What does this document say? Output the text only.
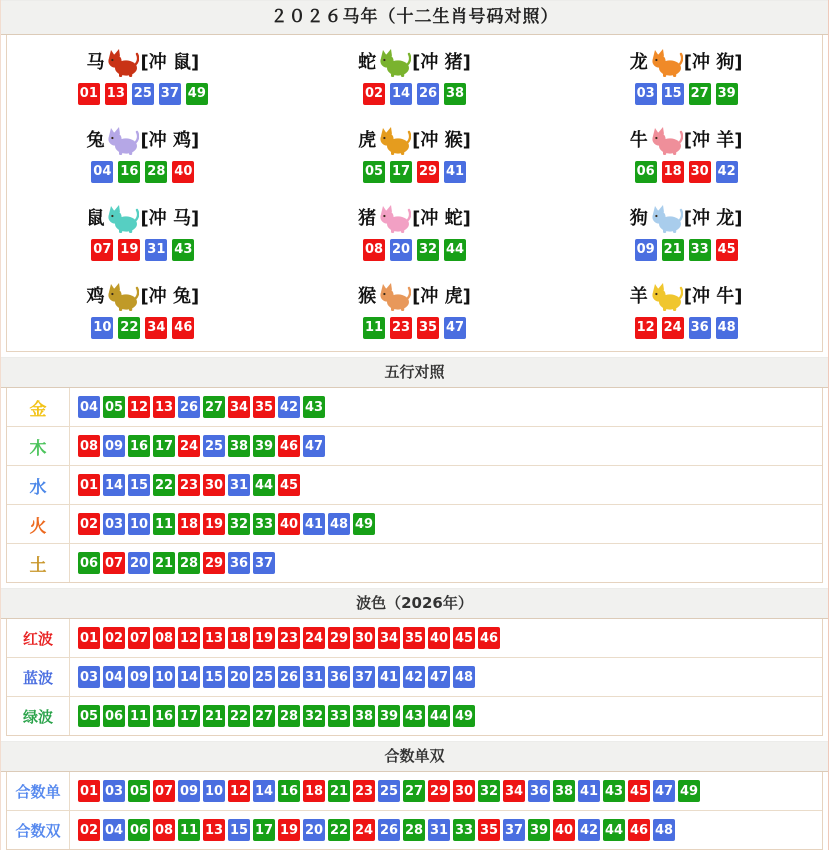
２０２６马年（十二生肖号码对照）
马 [冲 鼠]
01 13 25 37 49
蛇 [冲 猪]
02 14 26 38
龙 [冲 狗]
03 15 27 39
兔 [冲 鸡]
04 16 28 40
虎 [冲 猴]
05 17 29 41
牛 [冲 羊]
06 18 30 42
鼠 [冲 马]
07 19 31 43
猪 [冲 蛇]
08 20 32 44
狗 [冲 龙]
09 21 33 45
鸡 [冲 兔]
10 22 34 46
猴 [冲 虎]
11 23 35 47
羊 [冲 牛]
12 24 36 48
五行对照
金	04 05 12 13 26 27 34 35 42 43
木	08 09 16 17 24 25 38 39 46 47
水	01 14 15 22 23 30 31 44 45
火	02 03 10 11 18 19 32 33 40 41 48 49
土	06 07 20 21 28 29 36 37
波色（2026年）
红波	01 02 07 08 12 13 18 19 23 24 29 30 34 35 40 45 46
蓝波	03 04 09 10 14 15 20 25 26 31 36 37 41 42 47 48
绿波	05 06 11 16 17 21 22 27 28 32 33 38 39 43 44 49
合数单双
合数单	01 03 05 07 09 10 12 14 16 18 21 23 25 27 29 30 32 34 36 38 41 43 45 47 49
合数双	02 04 06 08 11 13 15 17 19 20 22 24 26 28 31 33 35 37 39 40 42 44 46 48
